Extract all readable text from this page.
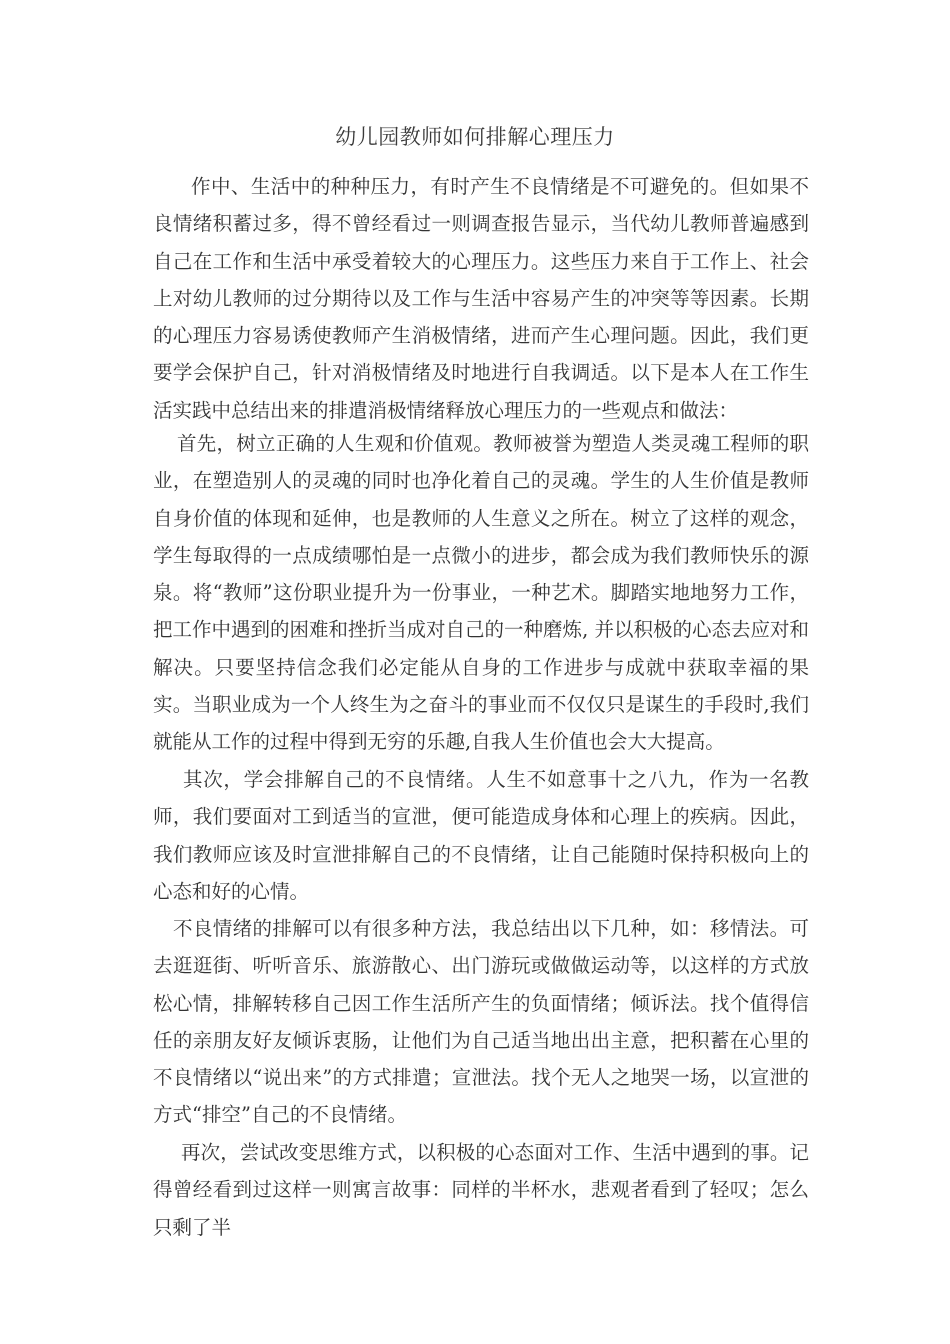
幼儿园教师如何排解心理压力

作中、生活中的种种压力，有时产生不良情绪是不可避免的。但如果不良情绪积蓄过多，得不曾经看过一则调查报告显示，当代幼儿教师普遍感到自己在工作和生活中承受着较大的心理压力。这些压力来自于工作上、社会上对幼儿教师的过分期待以及工作与生活中容易产生的冲突等等因素。长期的心理压力容易诱使教师产生消极情绪，进而产生心理问题。因此，我们更要学会保护自己，针对消极情绪及时地进行自我调适。以下是本人在工作生活实践中总结出来的排遣消极情绪释放心理压力的一些观点和做法：

首先，树立正确的人生观和价值观。教师被誉为塑造人类灵魂工程师的职业，在塑造别人的灵魂的同时也净化着自己的灵魂。学生的人生价值是教师自身价值的体现和延伸，也是教师的人生意义之所在。树立了这样的观念，学生每取得的一点成绩哪怕是一点微小的进步，都会成为我们教师快乐的源泉。将“教师”这份职业提升为一份事业，一种艺术。脚踏实地地努力工作，把工作中遇到的困难和挫折当成对自己的一种磨炼, 并以积极的心态去应对和解决。只要坚持信念我们必定能从自身的工作进步与成就中获取幸福的果实。当职业成为一个人终生为之奋斗的事业而不仅仅只是谋生的手段时,我们就能从工作的过程中得到无穷的乐趣,自我人生价值也会大大提高。

其次，学会排解自己的不良情绪。人生不如意事十之八九，作为一名教师，我们要面对工到适当的宣泄，便可能造成身体和心理上的疾病。因此，我们教师应该及时宣泄排解自己的不良情绪，让自己能随时保持积极向上的心态和好的心情。

不良情绪的排解可以有很多种方法，我总结出以下几种，如：移情法。可去逛逛街、听听音乐、旅游散心、出门游玩或做做运动等，以这样的方式放松心情，排解转移自己因工作生活所产生的负面情绪；倾诉法。找个值得信任的亲朋友好友倾诉衷肠，让他们为自己适当地出出主意，把积蓄在心里的不良情绪以“说出来”的方式排遣；宣泄法。找个无人之地哭一场，以宣泄的方式“排空”自己的不良情绪。

再次，尝试改变思维方式，以积极的心态面对工作、生活中遇到的事。记得曾经看到过这样一则寓言故事：同样的半杯水，悲观者看到了轻叹；怎么只剩了半
